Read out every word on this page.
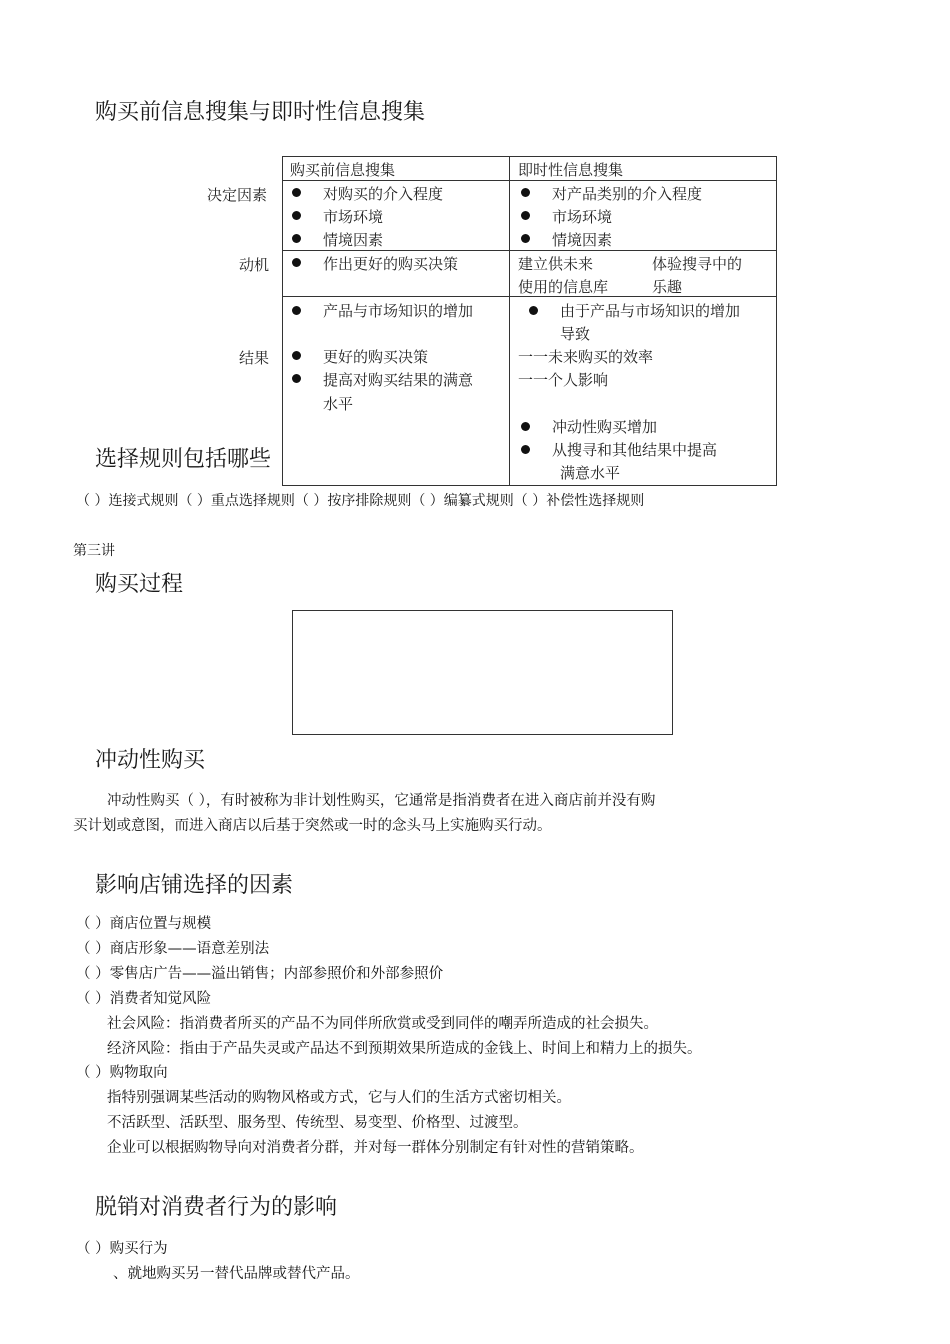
购买前信息搜集与即时性信息搜集
购买前信息搜集	即时性信息搜集
决定因素
动机
结果
对购买的介入程度
市场环境
情境因素
对产品类别的介入程度
市场环境
情境因素
作出更好的购买决策	建立供未来
使用的信息库
体验搜寻中的
乐趣
产品与市场知识的增加
更好的购买决策
提高对购买结果的满意
水平
由于产品与市场知识的增加
导致
一一未来购买的效率
一一个人影响
冲动性购买增加
从搜寻和其他结果中提高
满意水平
选择规则包括哪些
（ ）连接式规则（ ）重点选择规则（ ）按序排除规则（ ）编纂式规则（ ）补偿性选择规则
第三讲
购买过程
冲动性购买
冲动性购买（ ），有时被称为非计划性购买，它通常是指消费者在进入商店前并没有购
买计划或意图，而进入商店以后基于突然或一时的念头马上实施购买行动。
影响店铺选择的因素
（ ）商店位置与规模
（ ）商店形象——语意差别法
（ ）零售店广告——溢出销售；内部参照价和外部参照价
（ ）消费者知觉风险
社会风险：指消费者所买的产品不为同伴所欣赏或受到同伴的嘲弄所造成的社会损失。
经济风险：指由于产品失灵或产品达不到预期效果所造成的金钱上、时间上和精力上的损失。
（ ）购物取向
指特别强调某些活动的购物风格或方式，它与人们的生活方式密切相关。
不活跃型、活跃型、服务型、传统型、易变型、价格型、过渡型。
企业可以根据购物导向对消费者分群，并对每一群体分别制定有针对性的营销策略。
脱销对消费者行为的影响
（ ）购买行为
、就地购买另一替代品牌或替代产品。
